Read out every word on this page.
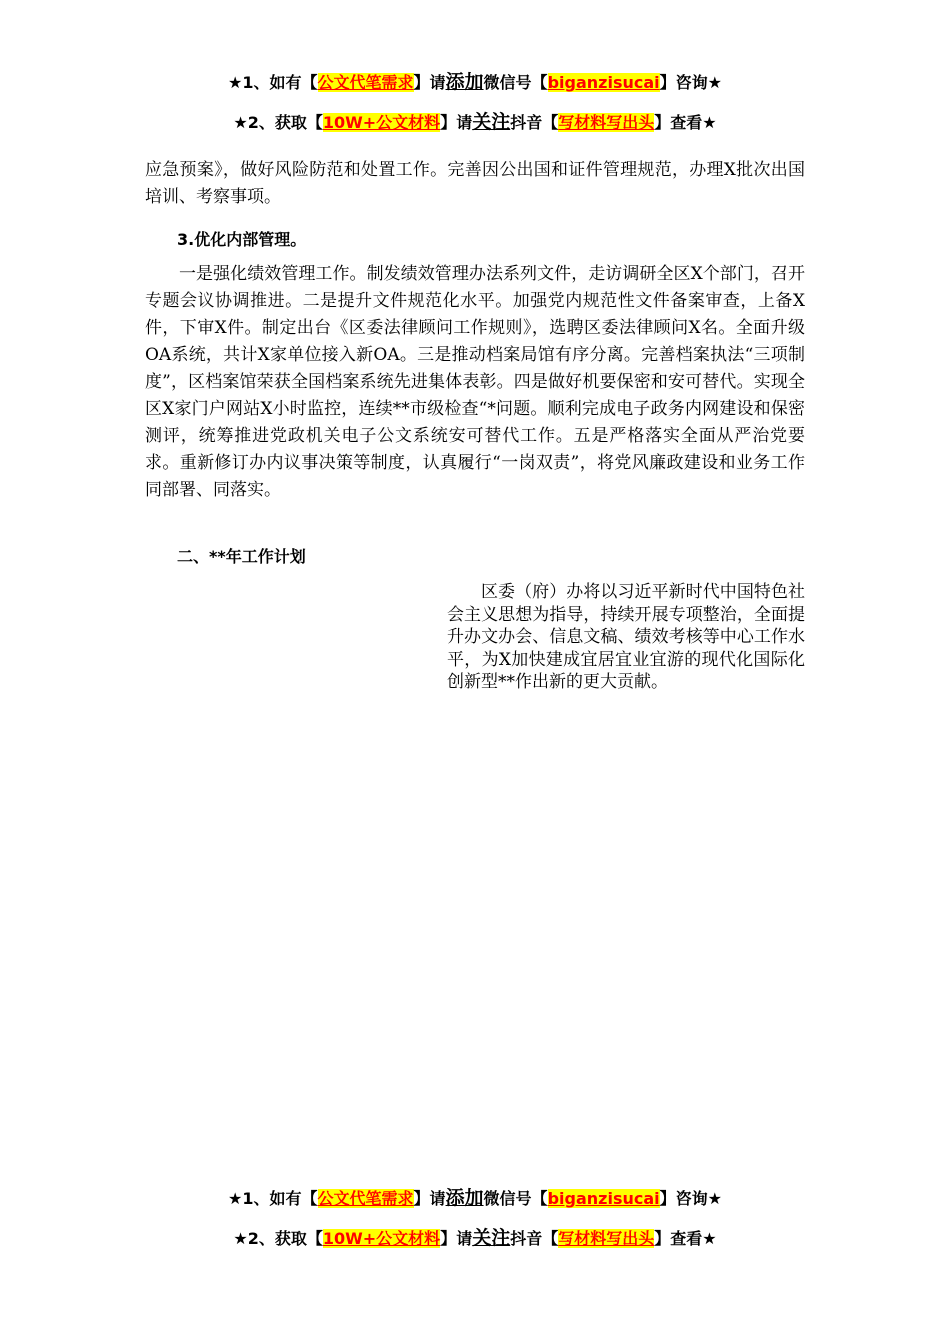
★1、如有【公文代笔需求】请添加微信号【biganzisucai】咨询★
★2、获取【10W+公文材料】请关注抖音【写材料写出头】查看★
应急预案》，做好风险防范和处置工作。完善因公出国和证件管理规范，办理X批次出国培训、考察事项。
3.优化内部管理。
一是强化绩效管理工作。制发绩效管理办法系列文件，走访调研全区X个部门，召开专题会议协调推进。二是提升文件规范化水平。加强党内规范性文件备案审查，上备X件，下审X件。制定出台《区委法律顾问工作规则》，选聘区委法律顾问X名。全面升级OA系统，共计X家单位接入新OA。三是推动档案局馆有序分离。完善档案执法“三项制度”，区档案馆荣获全国档案系统先进集体表彰。四是做好机要保密和安可替代。实现全区X家门户网站X小时监控，连续**市级检查“*问题。顺利完成电子政务内网建设和保密测评，统筹推进党政机关电子公文系统安可替代工作。五是严格落实全面从严治党要求。重新修订办内议事决策等制度，认真履行“一岗双责”，将党风廉政建设和业务工作同部署、同落实。
二、**年工作计划
区委（府）办将以习近平新时代中国特色社会主义思想为指导，持续开展专项整治，全面提升办文办会、信息文稿、绩效考核等中心工作水平，为X加快建成宜居宜业宜游的现代化国际化创新型**作出新的更大贡献。
★1、如有【公文代笔需求】请添加微信号【biganzisucai】咨询★
★2、获取【10W+公文材料】请关注抖音【写材料写出头】查看★
